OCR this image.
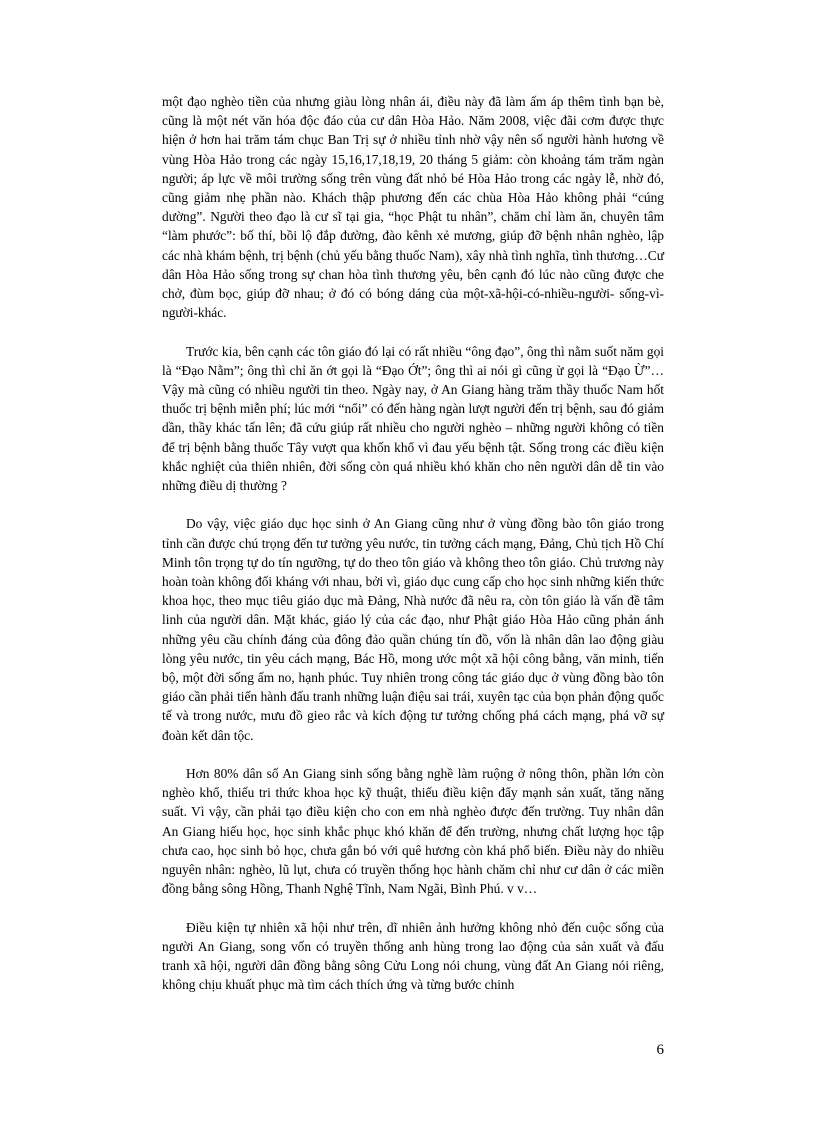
một đạo nghèo tiền của nhưng giàu lòng nhân ái, điều này đã làm ấm áp thêm tình bạn bè, cũng là một nét văn hóa độc đáo của cư dân Hòa Hảo. Năm 2008, việc đãi cơm được thực hiện ở hơn hai trăm tám chục Ban Trị sự ở nhiều tỉnh nhờ vậy nên số người hành hương về vùng Hòa Hảo trong các ngày 15,16,17,18,19, 20 tháng 5 giảm: còn khoảng tám trăm ngàn người; áp lực về môi trường sống trên vùng đất nhỏ bé Hòa Hảo trong các ngày lễ, nhờ đó, cũng giảm nhẹ phần nào. Khách thập phương đến các chùa Hòa Hảo không phải “cúng dường”. Người theo đạo là cư sĩ tại gia, “học Phật tu nhân”, chăm chỉ làm ăn, chuyên tâm “làm phước”: bố thí, bồi lộ đắp đường, đào kênh xẻ mương, giúp đỡ bệnh nhân nghèo, lập các nhà khám bệnh, trị bệnh (chủ yếu bằng thuốc Nam), xây nhà tình nghĩa, tình thương…Cư dân Hòa Hảo sống trong sự chan hòa tình thương yêu, bên cạnh đó lúc nào cũng được che chở, đùm bọc, giúp đỡ nhau; ở đó có bóng dáng của một-xã-hội-có-nhiều-người- sống-vì-người-khác.

Trước kia, bên cạnh các tôn giáo đó lại có rất nhiều “ông đạo”, ông thì nằm suốt năm gọi là “Đạo Nằm”; ông thì chỉ ăn ớt gọi là “Đạo Ớt”; ông thì ai nói gì cũng ừ gọi là “Đạo Ừ”…Vậy mà cũng có nhiều người tin theo. Ngày nay, ở An Giang hàng trăm thầy thuốc Nam hốt thuốc trị bệnh miễn phí; lúc mới “nổi” có đến hàng ngàn lượt người đến trị bệnh, sau đó giảm dần, thầy khác tấn lên; đã cứu giúp rất nhiều cho người nghèo – những người không có tiền để trị bệnh bằng thuốc Tây vượt qua khốn khổ vì đau yếu bệnh tật. Sống trong các điều kiện khắc nghiệt của thiên nhiên, đời sống còn quá nhiều khó khăn cho nên người dân dễ tin vào những điều dị thường ?

Do vậy, việc giáo dục học sinh ở An Giang cũng như ở vùng đồng bào tôn giáo trong tỉnh cần được chú trọng đến tư tưởng yêu nước, tin tưởng cách mạng, Đảng, Chủ tịch Hồ Chí Minh tôn trọng tự do tín ngưỡng, tự do theo tôn giáo và không theo tôn giáo. Chủ trương này hoàn toàn không đối kháng với nhau, bởi vì, giáo dục cung cấp cho học sinh những kiến thức khoa học, theo mục tiêu giáo dục mà Đảng, Nhà nước đã nêu ra, còn tôn giáo là vấn đề tâm linh của người dân. Mặt khác, giáo lý của các đạo, như Phật giáo Hòa Hảo cũng phản ánh những yêu cầu chính đáng của đông đảo quần chúng tín đồ, vốn là nhân dân lao động giàu lòng yêu nước, tin yêu cách mạng, Bác Hồ, mong ước một xã hội công bằng, văn minh, tiến bộ, một đời sống ấm no, hạnh phúc. Tuy nhiên trong công tác giáo dục ở vùng đồng bào tôn giáo cần phải tiến hành đấu tranh những luận điệu sai trái, xuyên tạc của bọn phản động quốc tế và trong nước, mưu đồ gieo rắc và kích động tư tưởng chống phá cách mạng, phá vỡ sự đoàn kết dân tộc.

Hơn 80% dân số An Giang sinh sống bằng nghề làm ruộng ở nông thôn, phần lớn còn nghèo khổ, thiếu tri thức khoa học kỹ thuật, thiếu điều kiện đẩy mạnh sản xuất, tăng năng suất. Vì vậy, cần phải tạo điều kiện cho con em nhà nghèo được đến trường. Tuy nhân dân An Giang hiếu học, học sinh khắc phục khó khăn để đến trường, nhưng chất lượng học tập chưa cao, học sinh bỏ học, chưa gắn bó với quê hương còn khá phổ biến. Điều này do nhiều nguyên nhân: nghèo, lũ lụt, chưa có truyền thống học hành chăm chỉ như cư dân ở các miền đồng bằng sông Hồng, Thanh Nghệ Tĩnh, Nam Ngãi, Bình Phú. v v…

Điều kiện tự nhiên xã hội như trên, dĩ nhiên ảnh hưởng không nhỏ đến cuộc sống của người An Giang, song vốn có truyền thống anh hùng trong lao động của sản xuất và đấu tranh xã hội, người dân đồng bằng sông Cửu Long nói chung, vùng đất An Giang nói riêng, không chịu khuất phục mà tìm cách thích ứng và từng bước chinh

6
